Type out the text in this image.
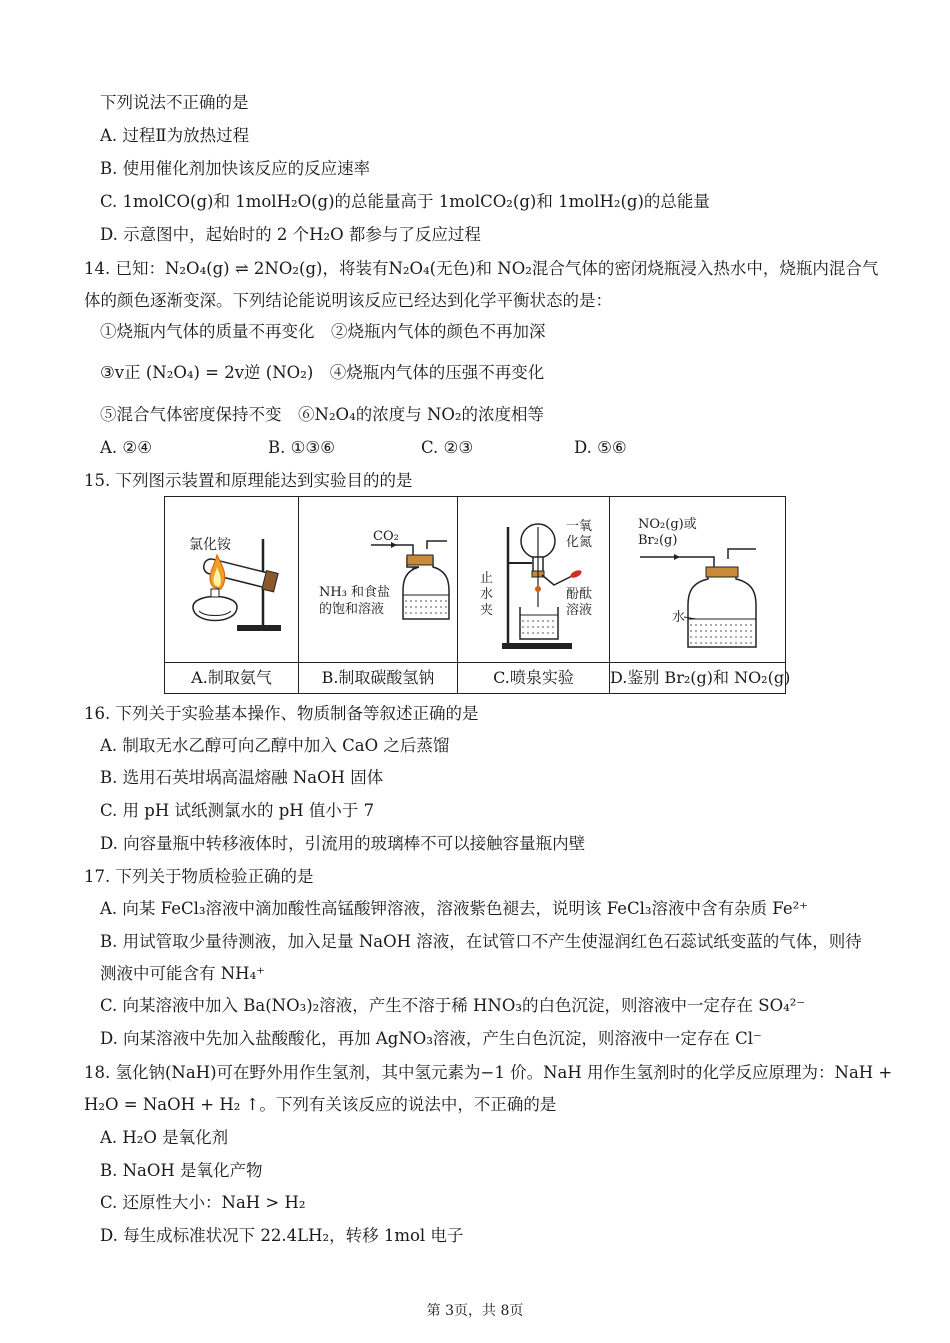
下列说法不正确的是
A. 过程Ⅱ为放热过程
B. 使用催化剂加快该反应的反应速率
C. 1molCO(g)和 1molH₂O(g)的总能量高于 1molCO₂(g)和 1molH₂(g)的总能量
D. 示意图中，起始时的 2 个H₂O 都参与了反应过程
14. 已知：N₂O₄(g) ⇌ 2NO₂(g)，将装有N₂O₄(无色)和 NO₂混合气体的密闭烧瓶浸入热水中，烧瓶内混合气
体的颜色逐渐变深。下列结论能说明该反应已经达到化学平衡状态的是：
①烧瓶内气体的质量不再变化　②烧瓶内气体的颜色不再加深
③v正 (N₂O₄) = 2v逆 (NO₂)　④烧瓶内气体的压强不再变化
⑤混合气体密度保持不变　⑥N₂O₄的浓度与 NO₂的浓度相等
A. ②④	B. ①③⑥	C. ②③	D. ⑤⑥
15. 下列图示装置和原理能达到实验目的的是
氯化铵
A.制取氨气
CO₂
NH₃ 和食盐
的饱和溶液
B.制取碳酸氢钠
一氧
化氮
止
水
夹
酚酞
溶液
C.喷泉实验
NO₂(g)或
Br₂(g)
水
D.鉴别 Br₂(g)和 NO₂(g)
16. 下列关于实验基本操作、物质制备等叙述正确的是
A. 制取无水乙醇可向乙醇中加入 CaO 之后蒸馏
B. 选用石英坩埚高温熔融 NaOH 固体
C. 用 pH 试纸测氯水的 pH 值小于 7
D. 向容量瓶中转移液体时，引流用的玻璃棒不可以接触容量瓶内壁
17. 下列关于物质检验正确的是
A. 向某 FeCl₃溶液中滴加酸性高锰酸钾溶液，溶液紫色褪去，说明该 FeCl₃溶液中含有杂质 Fe²⁺
B. 用试管取少量待测液，加入足量 NaOH 溶液，在试管口不产生使湿润红色石蕊试纸变蓝的气体，则待
测液中可能含有 NH₄⁺
C. 向某溶液中加入 Ba(NO₃)₂溶液，产生不溶于稀 HNO₃的白色沉淀，则溶液中一定存在 SO₄²⁻
D. 向某溶液中先加入盐酸酸化，再加 AgNO₃溶液，产生白色沉淀，则溶液中一定存在 Cl⁻
18. 氢化钠(NaH)可在野外用作生氢剂，其中氢元素为−1 价。NaH 用作生氢剂时的化学反应原理为：NaH +
H₂O = NaOH + H₂ ↑。下列有关该反应的说法中，不正确的是
A. H₂O 是氧化剂
B. NaOH 是氧化产物
C. 还原性大小：NaH > H₂
D. 每生成标准状况下 22.4LH₂，转移 1mol 电子
第 3页，共 8页
